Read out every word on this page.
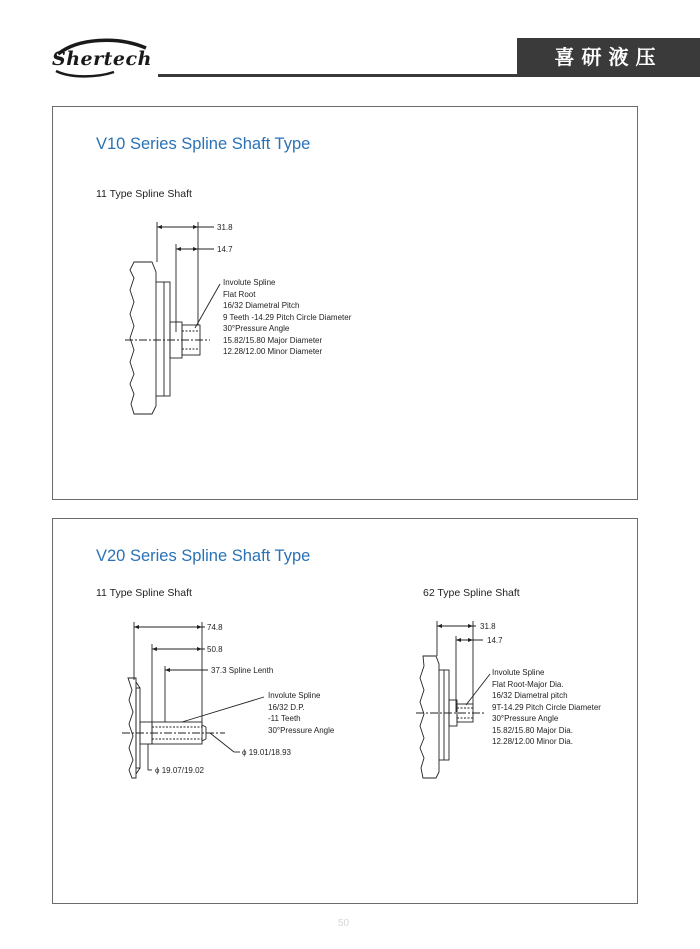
Shertech	喜研液压
V10 Series Spline Shaft Type
11 Type Spline Shaft
31.8
14.7
Involute Spline
Flat Root
16/32 Diametral Pitch
9 Teeth -14.29 Pitch Circle Diameter
30°Pressure Angle
15.82/15.80 Major Diameter
12.28/12.00 Minor Diameter
V20 Series Spline Shaft Type
11 Type Spline Shaft	62 Type Spline Shaft
74.8
50.8
37.3 Spline Lenth
Involute Spline
16/32 D.P.
-11 Teeth
30°Pressure Angle
ϕ 19.01/18.93
ϕ 19.07/19.02
31.8
14.7
Involute Spline
Flat Root-Major Dia.
16/32 Diametral pitch
9T-14.29 Pitch Circle Diameter
30°Pressure Angle
15.82/15.80 Major Dia.
12.28/12.00 Minor Dia.
50
